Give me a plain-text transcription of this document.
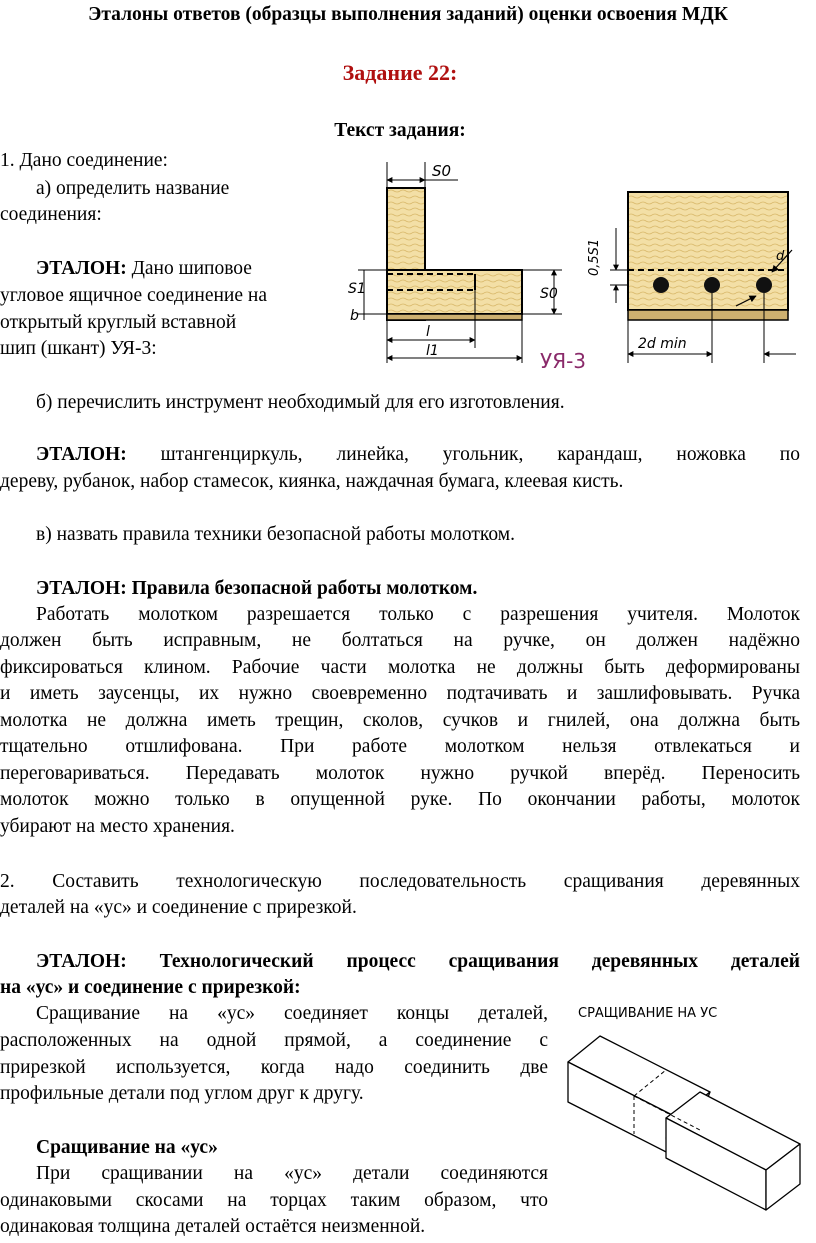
Эталоны ответов (образцы выполнения заданий) оценки освоения МДК
Задание 22:
Текст задания:
1. Дано соединение:
а) определить название
соединения:
ЭТАЛОН: Дано шиповое
угловое ящичное соединение на
открытый круглый вставной
шип (шкант) УЯ-3:
S0
S1
b
S0
l
l1	УЯ-3
0,5S1	d
2d min
б) перечислить инструмент необходимый для его изготовления.
ЭТАЛОН: штангенциркуль, линейка, угольник, карандаш, ножовка по
дереву, рубанок, набор стамесок, киянка, наждачная бумага, клеевая кисть.
в) назвать правила техники безопасной работы молотком.
ЭТАЛОН: Правила безопасной работы молотком.
Работать молотком разрешается только с разрешения учителя. Молоток
должен быть исправным, не болтаться на ручке, он должен надёжно
фиксироваться клином. Рабочие части молотка не должны быть деформированы
и иметь заусенцы, их нужно своевременно подтачивать и зашлифовывать. Ручка
молотка не должна иметь трещин, сколов, сучков и гнилей, она должна быть
тщательно отшлифована. При работе молотком нельзя отвлекаться и
переговариваться. Передавать молоток нужно ручкой вперёд. Переносить
молоток можно только в опущенной руке. По окончании работы, молоток
убирают на место хранения.
2. Составить технологическую последовательность сращивания деревянных
деталей на «ус» и соединение с прирезкой.
ЭТАЛОН: Технологический процесс сращивания деревянных деталей
на «ус» и соединение с прирезкой:
Сращивание на «ус» соединяет концы деталей,
расположенных на одной прямой, а соединение с
прирезкой используется, когда надо соединить две
профильные детали под углом друг к другу.
Сращивание на «ус»
При сращивании на «ус» детали соединяются
одинаковыми скосами на торцах таким образом, что
одинаковая толщина деталей остаётся неизменной.
СРАЩИВАНИЕ НА УС
